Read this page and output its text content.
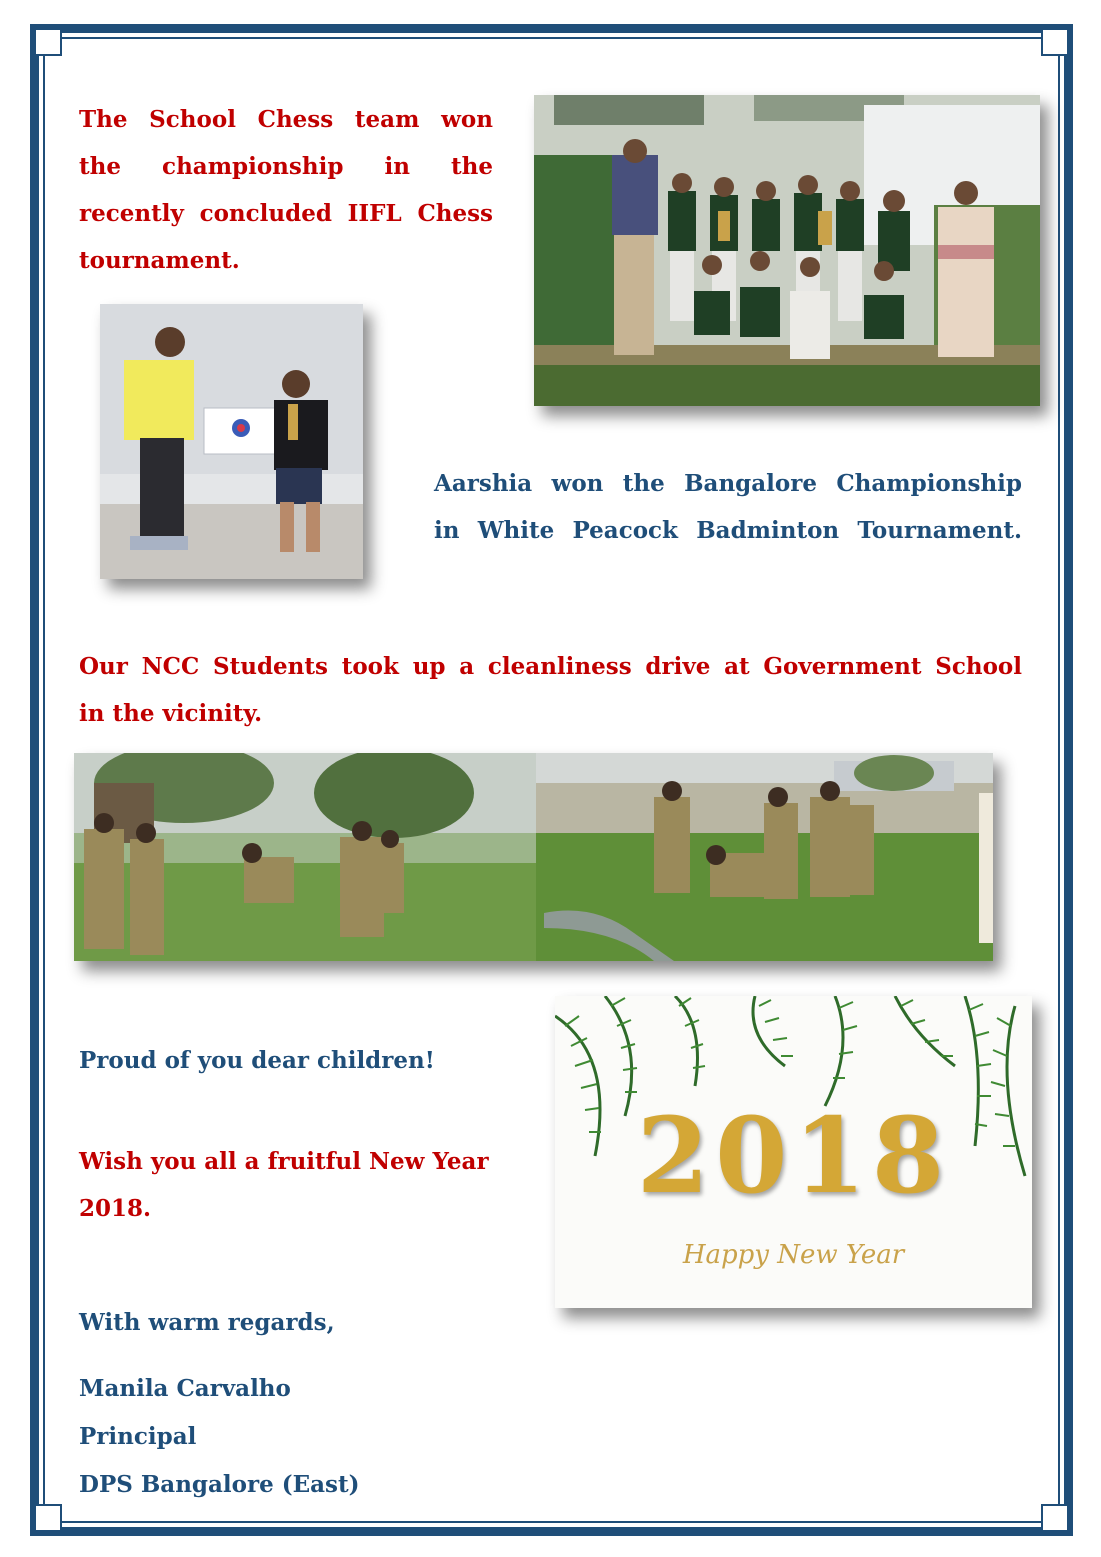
The School Chess team won
the championship in the
recently concluded IIFL Chess
tournament.
Aarshia won the Bangalore Championship
in White Peacock Badminton Tournament.
Our NCC Students took up a cleanliness drive at Government School
in the vicinity.
Proud of you dear children!
Wish you all a fruitful New Year
2018.	2018
Happy New Year
With warm regards,
Manila Carvalho
Principal
DPS Bangalore (East)
